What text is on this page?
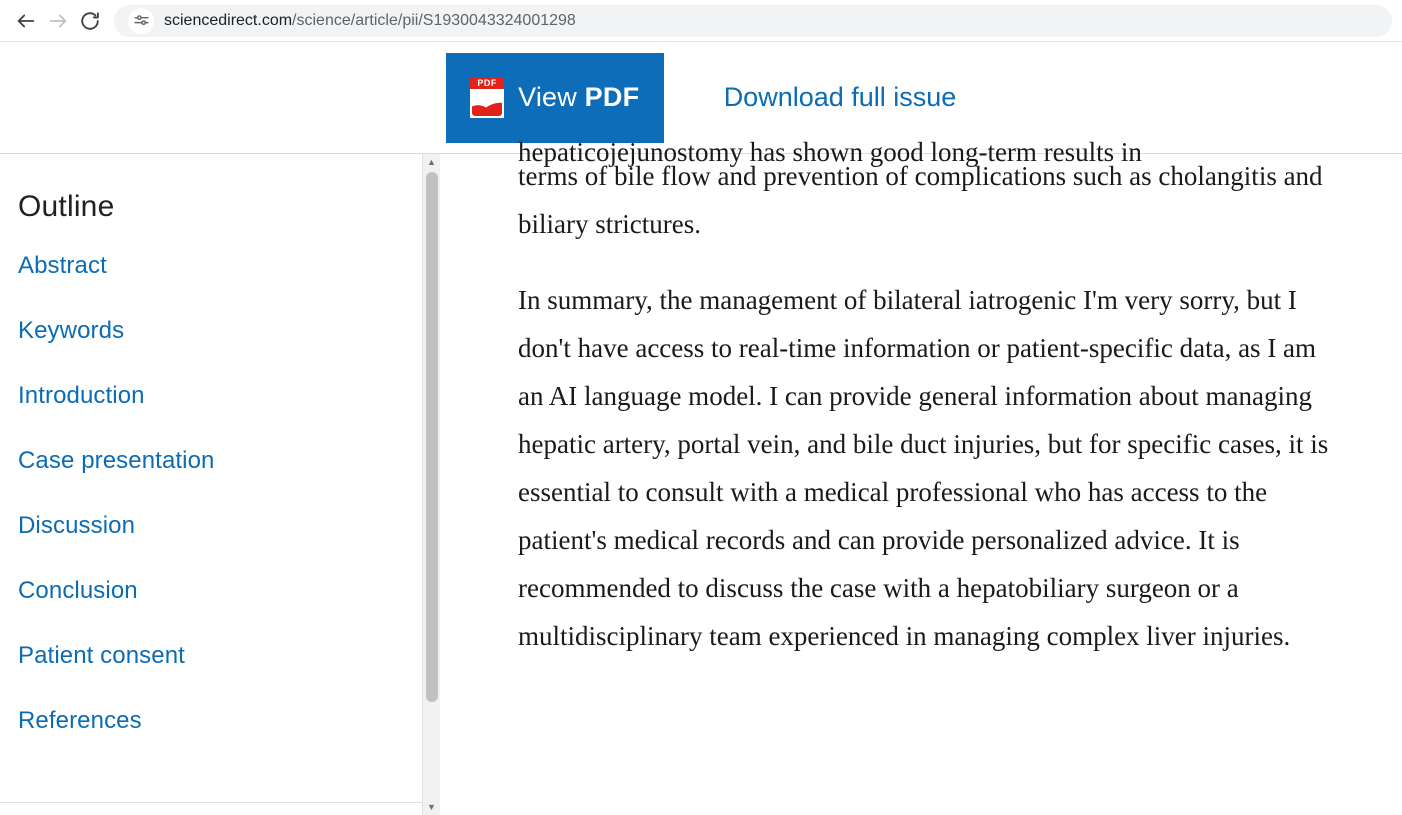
sciencedirect.com/science/article/pii/S1930043324001298
PDF View PDF	Download full issue
Outline
Abstract
Keywords
Introduction
Case presentation
Discussion
Conclusion
Patient consent
References
▲
▼

hepaticojejunostomy has shown good long-term results in
terms of bile flow and prevention of complications such as cholangitis and biliary strictures.

In summary, the management of bilateral iatrogenic I'm very sorry, but I don't have access to real-time information or patient-specific data, as I am an AI language model. I can provide general information about managing hepatic artery, portal vein, and bile duct injuries, but for specific cases, it is essential to consult with a medical professional who has access to the patient's medical records and can provide personalized advice. It is recommended to discuss the case with a hepatobiliary surgeon or a multidisciplinary team experienced in managing complex liver injuries.
